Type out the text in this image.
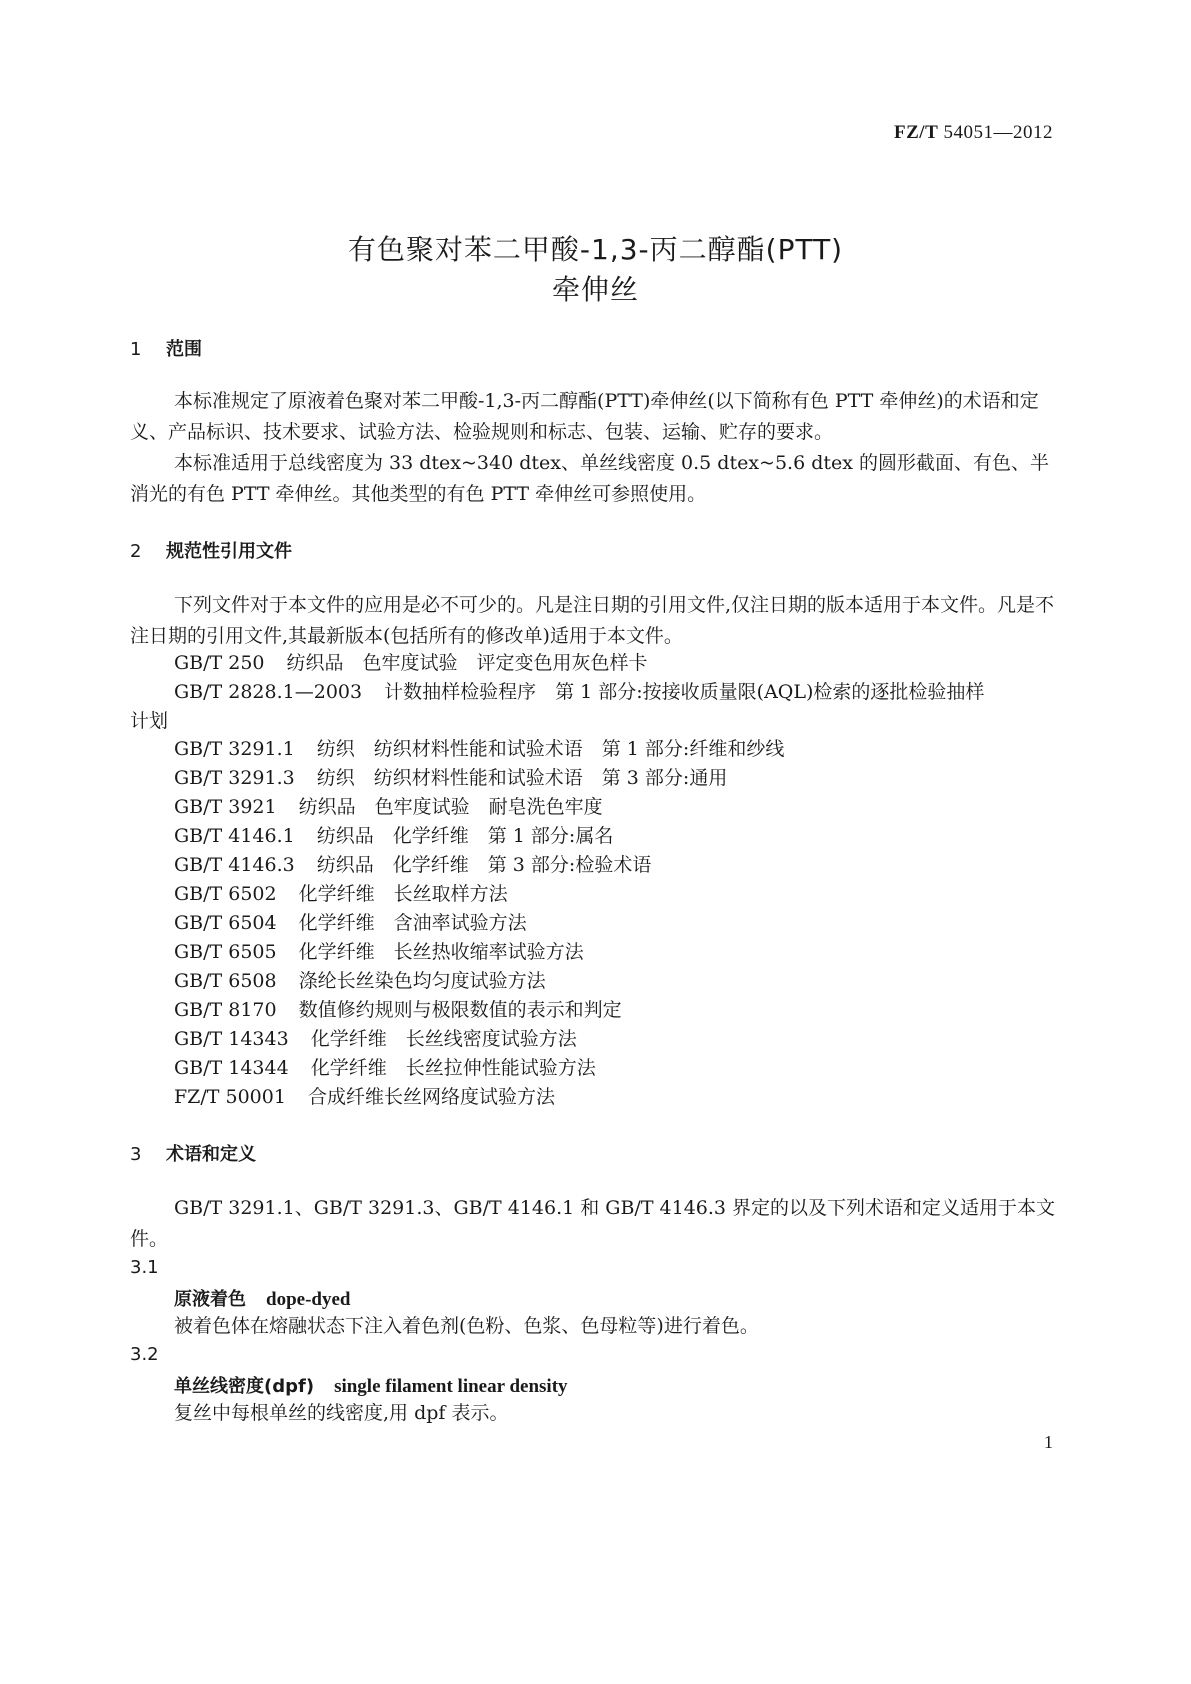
FZ/T 54051—2012
有色聚对苯二甲酸-1,3-丙二醇酯(PTT)
牵伸丝
1 范围
本标准规定了原液着色聚对苯二甲酸-1,3-丙二醇酯(PTT)牵伸丝(以下简称有色 PTT 牵伸丝)的术语和定义、产品标识、技术要求、试验方法、检验规则和标志、包装、运输、贮存的要求。
本标准适用于总线密度为 33 dtex~340 dtex、单丝线密度 0.5 dtex~5.6 dtex 的圆形截面、有色、半消光的有色 PTT 牵伸丝。其他类型的有色 PTT 牵伸丝可参照使用。
2 规范性引用文件
下列文件对于本文件的应用是必不可少的。凡是注日期的引用文件,仅注日期的版本适用于本文件。凡是不注日期的引用文件,其最新版本(包括所有的修改单)适用于本文件。
GB/T 250 纺织品　色牢度试验　评定变色用灰色样卡
GB/T 2828.1—2003 计数抽样检验程序　第 1 部分:按接收质量限(AQL)检索的逐批检验抽样
计划
GB/T 3291.1 纺织　纺织材料性能和试验术语　第 1 部分:纤维和纱线
GB/T 3291.3 纺织　纺织材料性能和试验术语　第 3 部分:通用
GB/T 3921 纺织品　色牢度试验　耐皂洗色牢度
GB/T 4146.1 纺织品　化学纤维　第 1 部分:属名
GB/T 4146.3 纺织品　化学纤维　第 3 部分:检验术语
GB/T 6502 化学纤维　长丝取样方法
GB/T 6504 化学纤维　含油率试验方法
GB/T 6505 化学纤维　长丝热收缩率试验方法
GB/T 6508 涤纶长丝染色均匀度试验方法
GB/T 8170 数值修约规则与极限数值的表示和判定
GB/T 14343 化学纤维　长丝线密度试验方法
GB/T 14344 化学纤维　长丝拉伸性能试验方法
FZ/T 50001 合成纤维长丝网络度试验方法
3 术语和定义
GB/T 3291.1、GB/T 3291.3、GB/T 4146.1 和 GB/T 4146.3 界定的以及下列术语和定义适用于本文件。
3.1
原液着色 dope-dyed
被着色体在熔融状态下注入着色剂(色粉、色浆、色母粒等)进行着色。
3.2
单丝线密度(dpf) single filament linear density
复丝中每根单丝的线密度,用 dpf 表示。
1
